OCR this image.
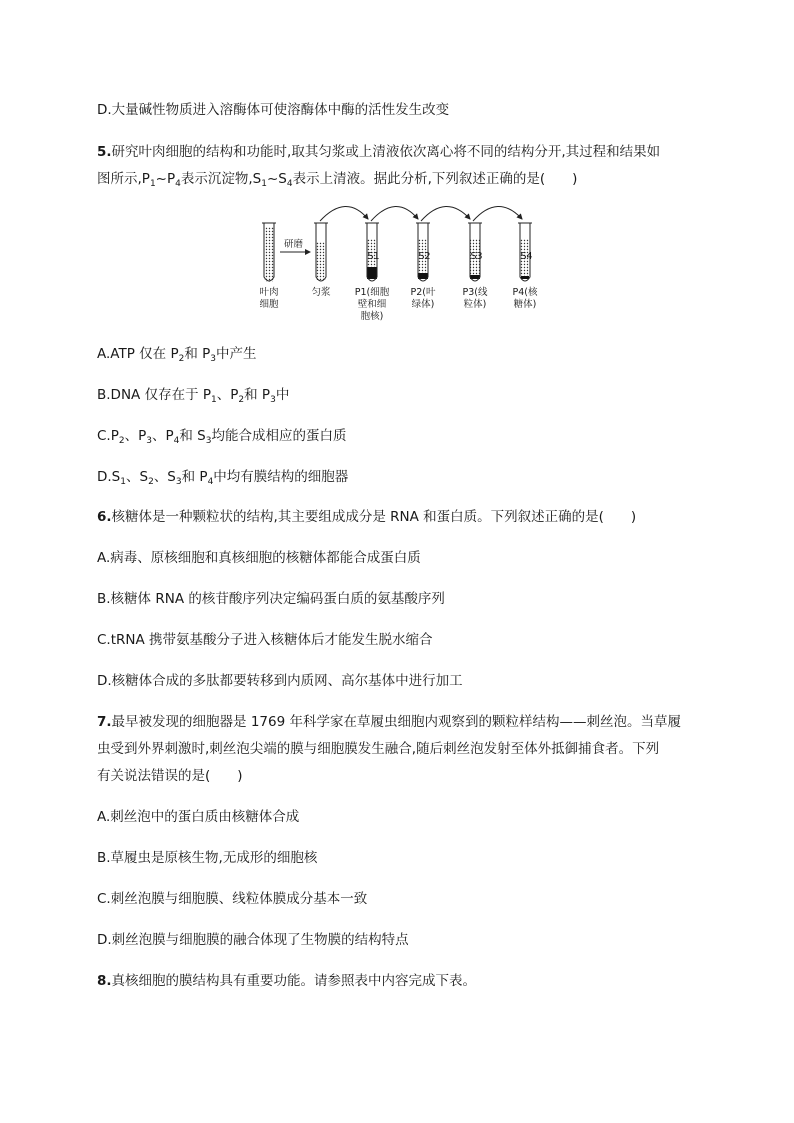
D.大量碱性物质进入溶酶体可使溶酶体中酶的活性发生改变
5.研究叶肉细胞的结构和功能时,取其匀浆或上清液依次离心将不同的结构分开,其过程和结果如
图所示$,P_1\sim P_4$表示沉淀物$,S_1\sim S_4$表示上清液。据此分析,下列叙述正确的是(　　)
研磨
S1	S2	S3	S4
叶肉
细胞
匀浆	P1(细胞
壁和细
胞核)
P2(叶
绿体)
P3(线
粒体)
P4(核
糖体)
A.ATP 仅在 $P_2$和 $P_3$中产生
B.DNA 仅存在于 $P_1$、$P_2$和 $P_3$中
$C.P_2$、$P_3$、$P_4$和 $S_3$均能合成相应的蛋白质
$D.S_1$、$S_2$、$S_3$和 $P_4$中均有膜结构的细胞器
6.核糖体是一种颗粒状的结构,其主要组成成分是 RNA 和蛋白质。下列叙述正确的是(　　)
A.病毒、原核细胞和真核细胞的核糖体都能合成蛋白质
B.核糖体 RNA 的核苷酸序列决定编码蛋白质的氨基酸序列
C.tRNA 携带氨基酸分子进入核糖体后才能发生脱水缩合
D.核糖体合成的多肽都要转移到内质网、高尔基体中进行加工
7.最早被发现的细胞器是 1769 年科学家在草履虫细胞内观察到的颗粒样结构——刺丝泡。当草履
虫受到外界刺激时,刺丝泡尖端的膜与细胞膜发生融合,随后刺丝泡发射至体外抵御捕食者。下列
有关说法错误的是(　　)
A.刺丝泡中的蛋白质由核糖体合成
B.草履虫是原核生物,无成形的细胞核
C.刺丝泡膜与细胞膜、线粒体膜成分基本一致
D.刺丝泡膜与细胞膜的融合体现了生物膜的结构特点
8.真核细胞的膜结构具有重要功能。请参照表中内容完成下表。
